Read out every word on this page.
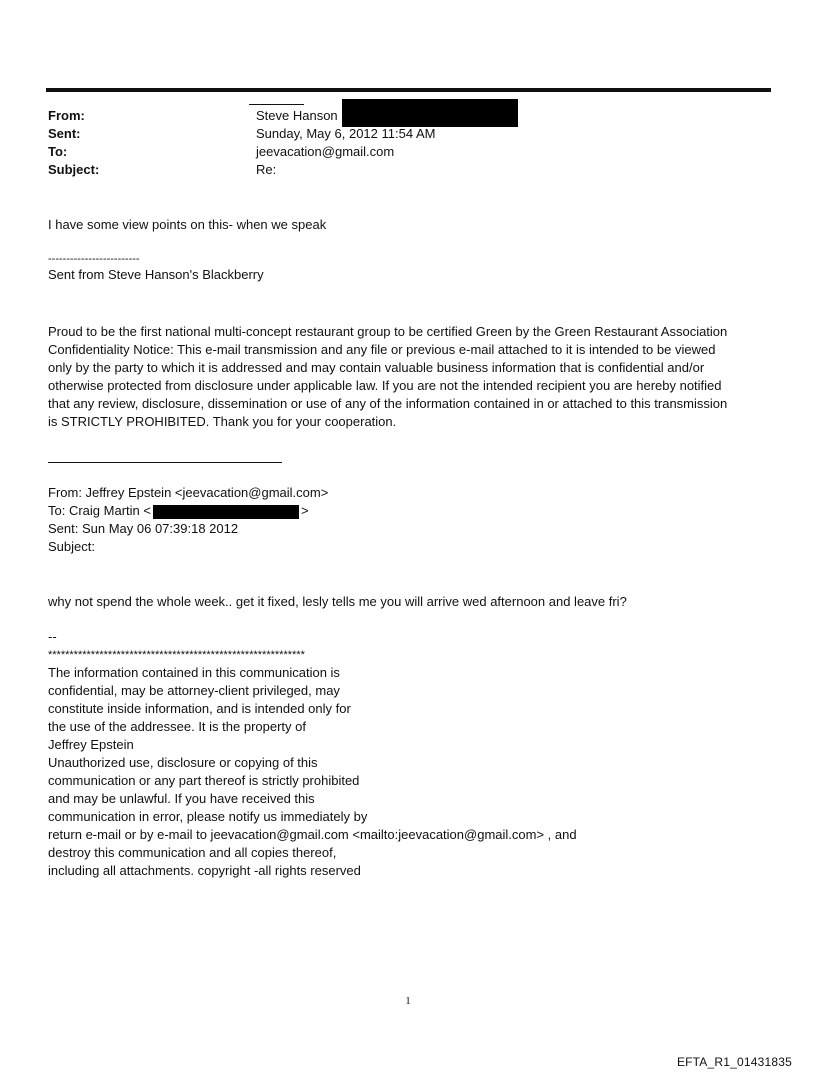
From:	Steve Hanson
Sent:	Sunday, May 6, 2012 11:54 AM
To:	jeevacation@gmail.com
Subject:	Re:
I have some view points on this- when we speak
-------------------------
Sent from Steve Hanson's Blackberry
Proud to be the first national multi-concept restaurant group to be certified Green by the Green Restaurant Association
Confidentiality Notice: This e-mail transmission and any file or previous e-mail attached to it is intended to be viewed
only by the party to which it is addressed and may contain valuable business information that is confidential and/or
otherwise protected from disclosure under applicable law. If you are not the intended recipient you are hereby notified
that any review, disclosure, dissemination or use of any of the information contained in or attached to this transmission
is STRICTLY PROHIBITED. Thank you for your cooperation.
From: Jeffrey Epstein <jeevacation@gmail.com>
To: Craig Martin <	>
Sent: Sun May 06 07:39:18 2012
Subject:
why not spend the whole week.. get it fixed, lesly tells me you will arrive wed afternoon and leave fri?
--
************************************************************
The information contained in this communication is
confidential, may be attorney-client privileged, may
constitute inside information, and is intended only for
the use of the addressee. It is the property of
Jeffrey Epstein
Unauthorized use, disclosure or copying of this
communication or any part thereof is strictly prohibited
and may be unlawful. If you have received this
communication in error, please notify us immediately by
return e-mail or by e-mail to jeevacation@gmail.com <mailto:jeevacation@gmail.com> , and
destroy this communication and all copies thereof,
including all attachments. copyright -all rights reserved
1
EFTA_R1_01431835
